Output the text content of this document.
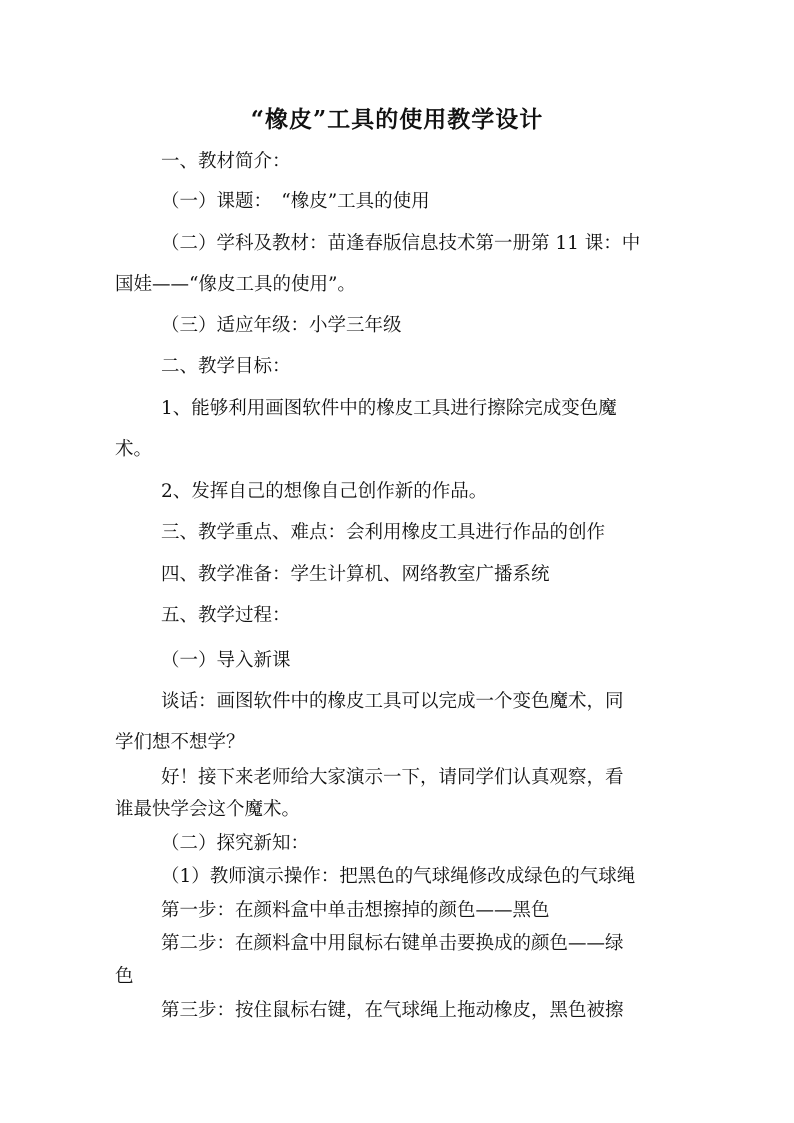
“橡皮”工具的使用教学设计
一、教材简介：
（一）课题：　“橡皮”工具的使用
（二）学科及教材：苗逢春版信息技术第一册第 11 课：中
国娃——“像皮工具的使用”。
（三）适应年级：小学三年级
二、教学目标：
1、能够利用画图软件中的橡皮工具进行擦除完成变色魔
术。
2、发挥自己的想像自己创作新的作品。
三、教学重点、难点：会利用橡皮工具进行作品的创作
四、教学准备：学生计算机、网络教室广播系统
五、教学过程：
（一）导入新课
谈话：画图软件中的橡皮工具可以完成一个变色魔术，同
学们想不想学？
好！接下来老师给大家演示一下，请同学们认真观察，看
谁最快学会这个魔术。
（二）探究新知：
（1）教师演示操作：把黑色的气球绳修改成绿色的气球绳
第一步：在颜料盒中单击想擦掉的颜色——黑色
第二步：在颜料盒中用鼠标右键单击要换成的颜色——绿
色
第三步：按住鼠标右键，在气球绳上拖动橡皮，黑色被擦
